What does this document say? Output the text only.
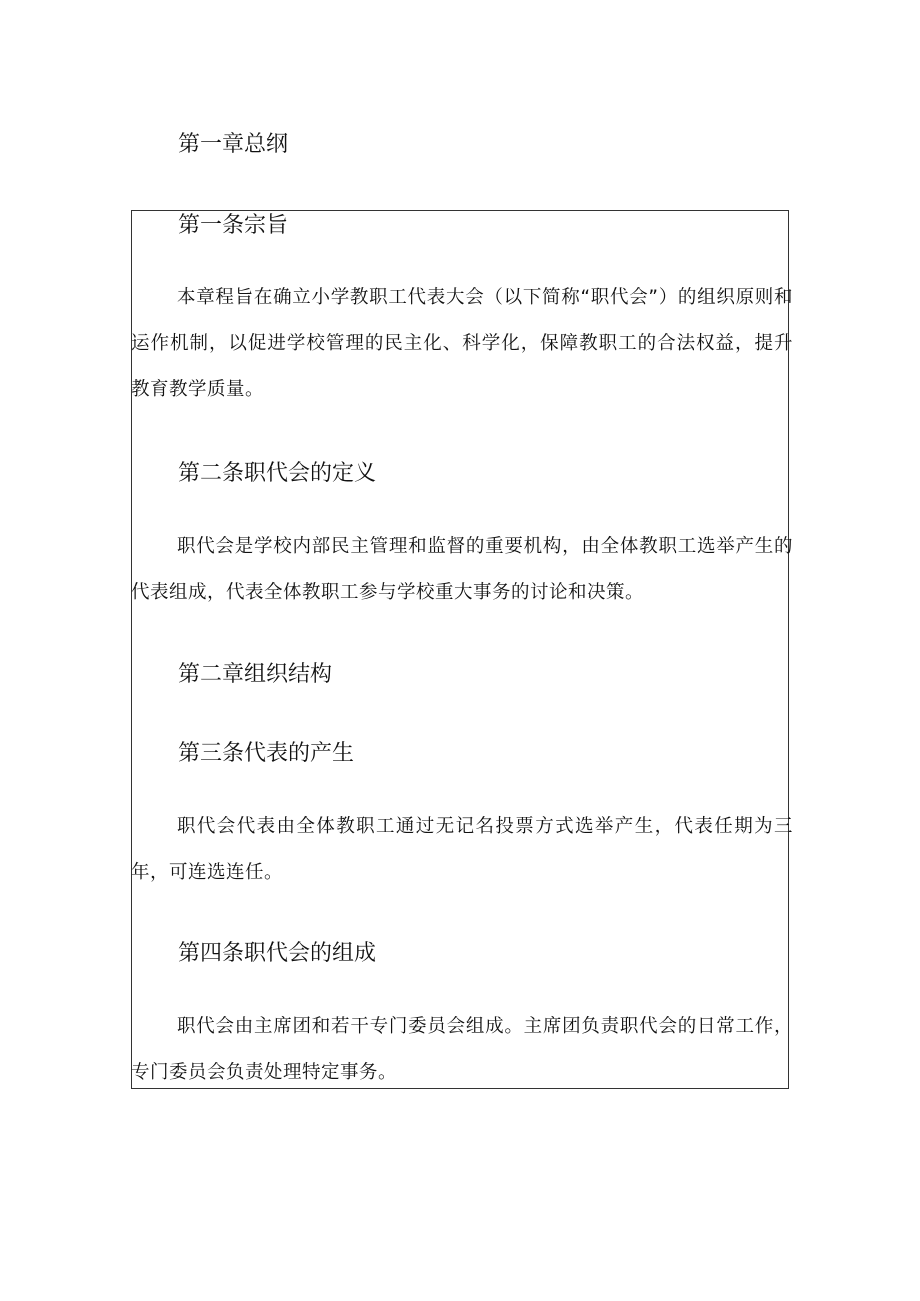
第一章总纲
第一条宗旨

本章程旨在确立小学教职工代表大会（以下简称“职代会”）的组织原则和运作机制，以促进学校管理的民主化、科学化，保障教职工的合法权益，提升教育教学质量。

第二条职代会的定义

职代会是学校内部民主管理和监督的重要机构，由全体教职工选举产生的代表组成，代表全体教职工参与学校重大事务的讨论和决策。

第二章组织结构
第三条代表的产生

职代会代表由全体教职工通过无记名投票方式选举产生，代表任期为三年，可连选连任。

第四条职代会的组成

职代会由主席团和若干专门委员会组成。主席团负责职代会的日常工作，专门委员会负责处理特定事务。
